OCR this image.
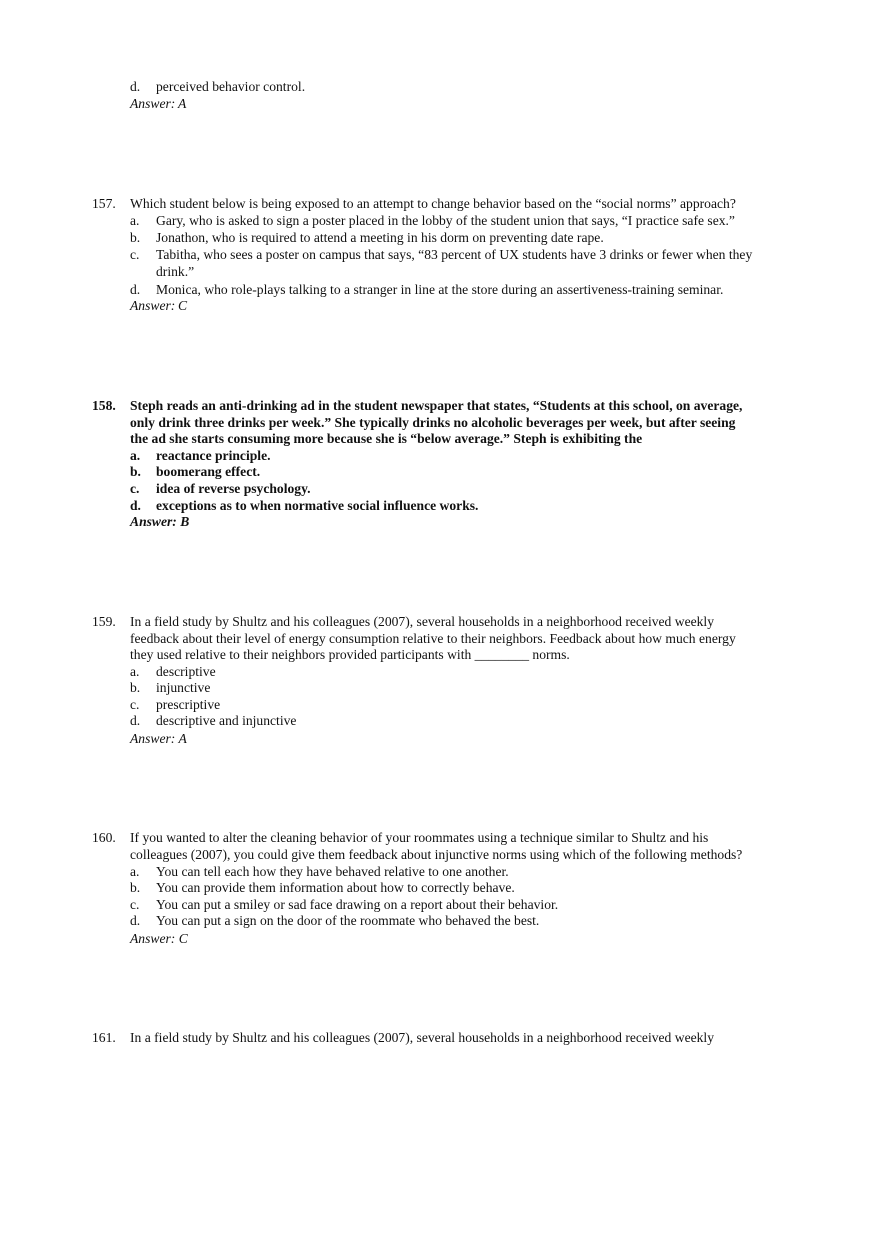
d. perceived behavior control.
Answer: A
157. Which student below is being exposed to an attempt to change behavior based on the “social norms” approach?
a. Gary, who is asked to sign a poster placed in the lobby of the student union that says, “I practice safe sex.”
b. Jonathon, who is required to attend a meeting in his dorm on preventing date rape.
c. Tabitha, who sees a poster on campus that says, “83 percent of UX students have 3 drinks or fewer when they
drink.”
d. Monica, who role-plays talking to a stranger in line at the store during an assertiveness-training seminar.
Answer: C
158. Steph reads an anti-drinking ad in the student newspaper that states, “Students at this school, on average,
only drink three drinks per week.” She typically drinks no alcoholic beverages per week, but after seeing
the ad she starts consuming more because she is “below average.” Steph is exhibiting the
a. reactance principle.
b. boomerang effect.
c. idea of reverse psychology.
d. exceptions as to when normative social influence works.
Answer: B
159. In a field study by Shultz and his colleagues (2007), several households in a neighborhood received weekly
feedback about their level of energy consumption relative to their neighbors. Feedback about how much energy
they used relative to their neighbors provided participants with ________ norms.
a. descriptive
b. injunctive
c. prescriptive
d. descriptive and injunctive
Answer: A
160. If you wanted to alter the cleaning behavior of your roommates using a technique similar to Shultz and his
colleagues (2007), you could give them feedback about injunctive norms using which of the following methods?
a. You can tell each how they have behaved relative to one another.
b. You can provide them information about how to correctly behave.
c. You can put a smiley or sad face drawing on a report about their behavior.
d. You can put a sign on the door of the roommate who behaved the best.
Answer: C
161. In a field study by Shultz and his colleagues (2007), several households in a neighborhood received weekly
